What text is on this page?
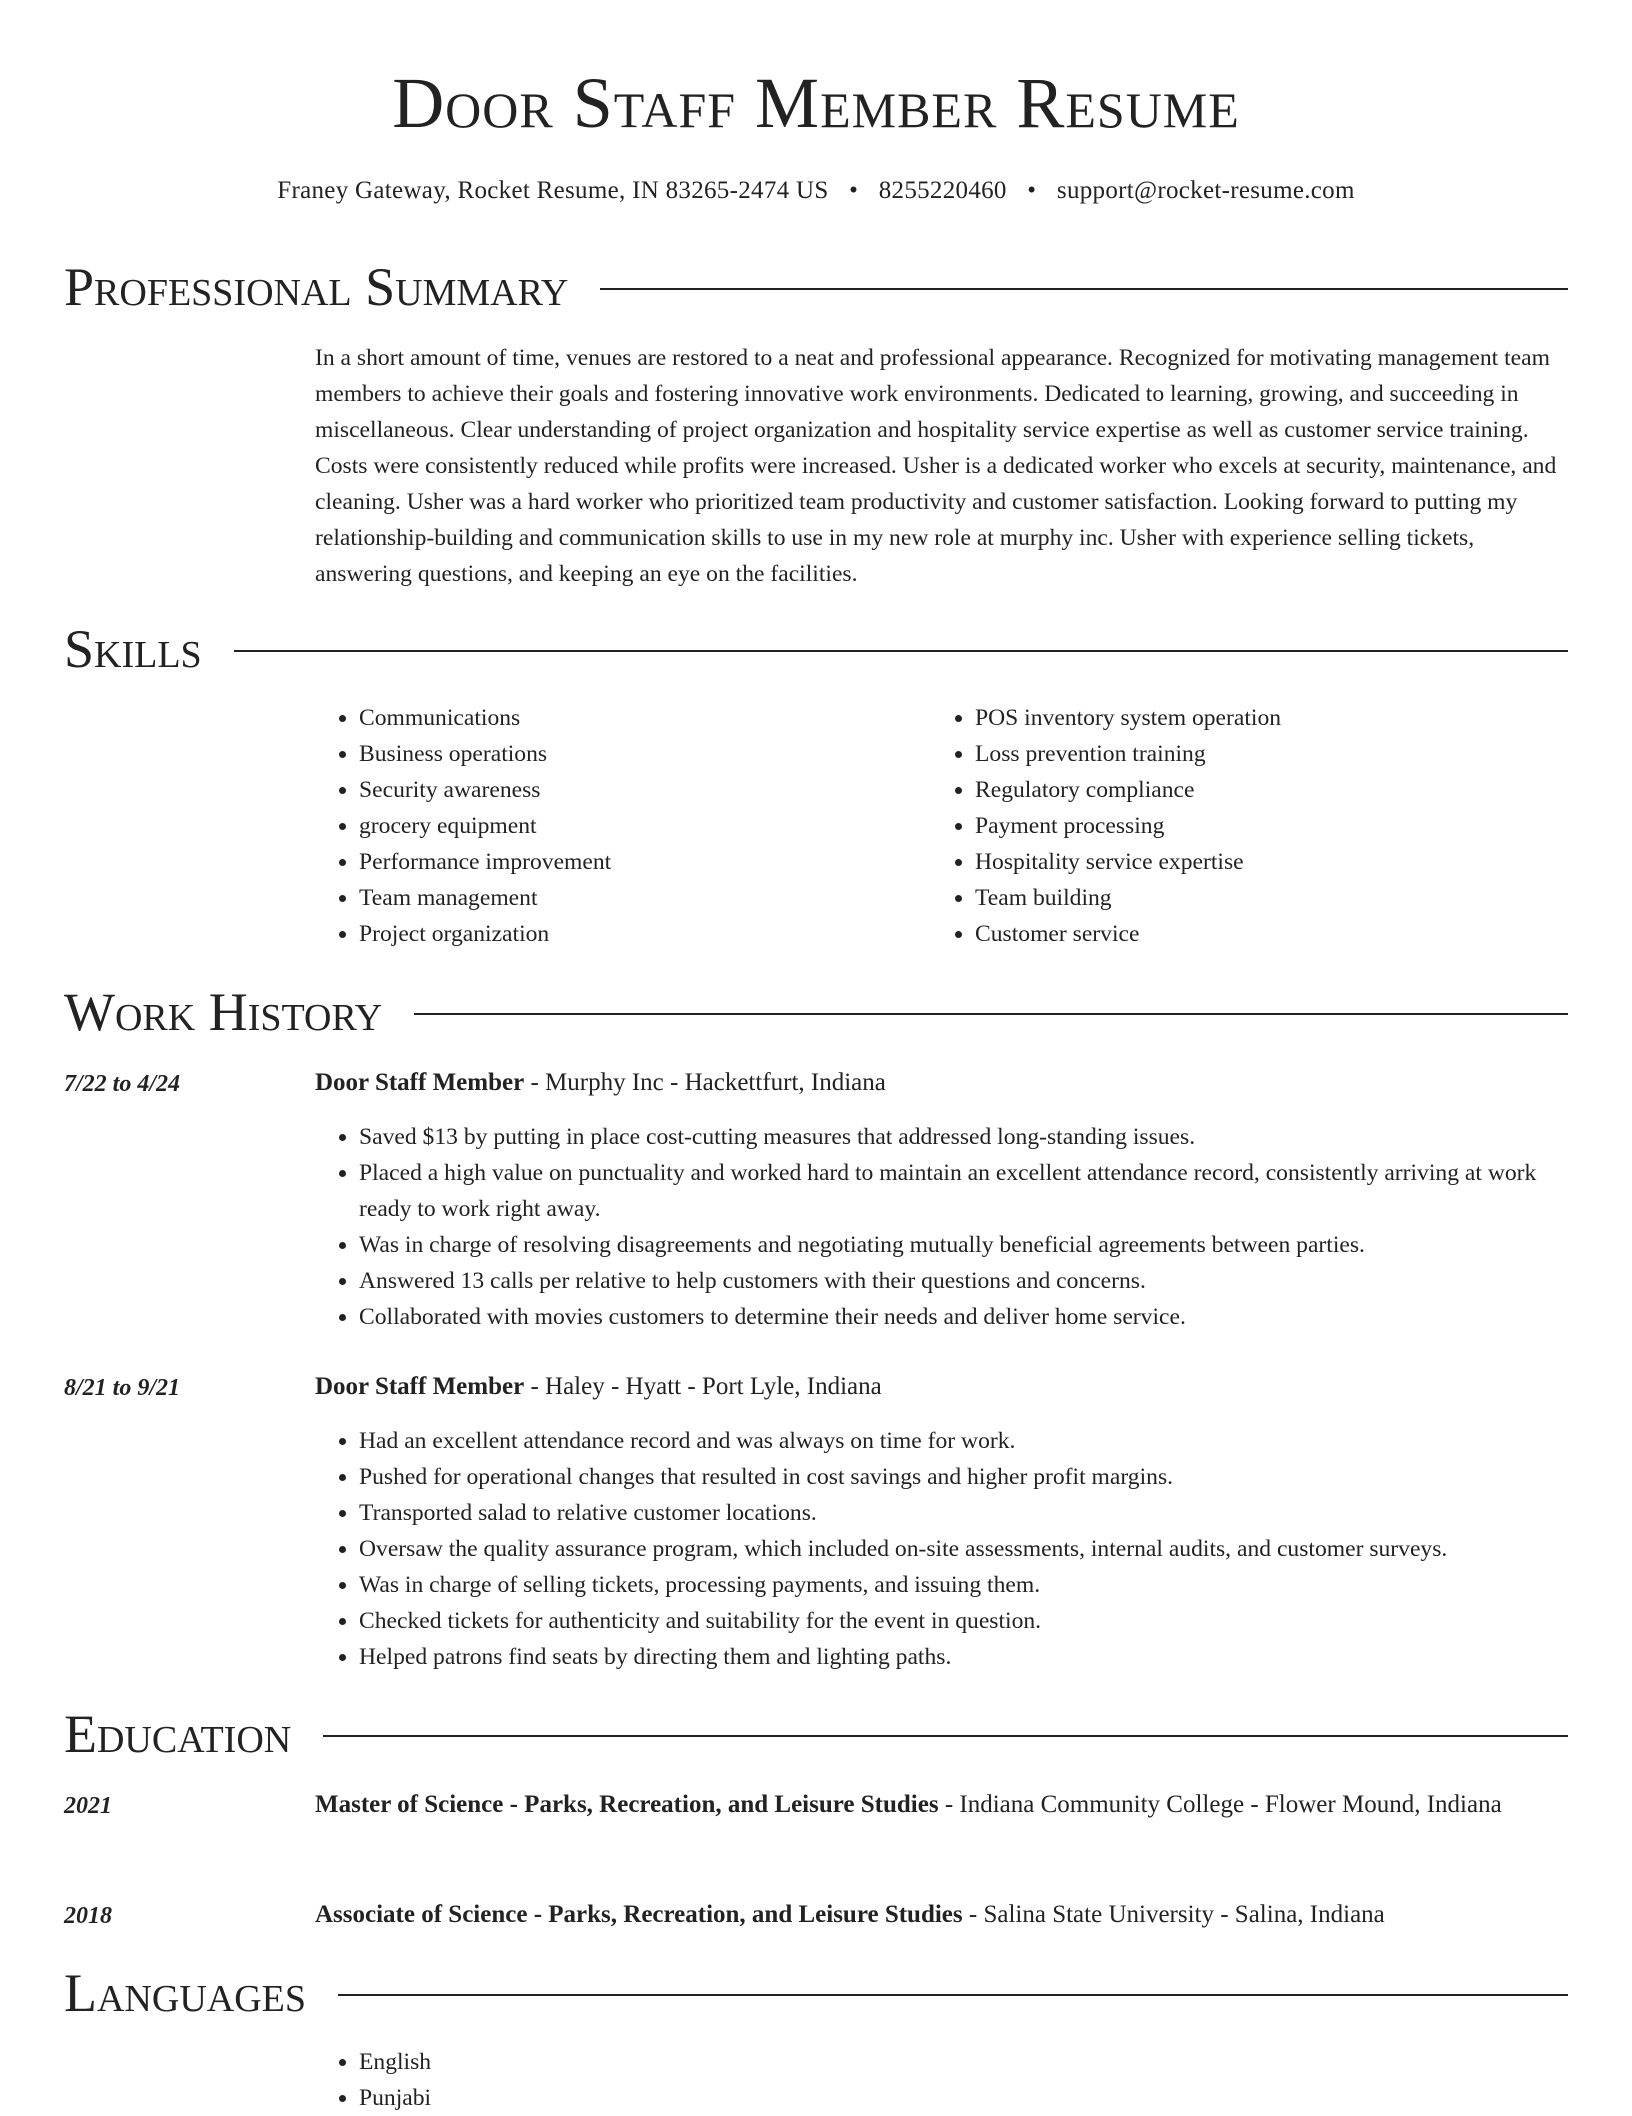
Door Staff Member Resume
Franey Gateway, Rocket Resume, IN 83265-2474 US • 8255220460 • support@rocket-resume.com
Professional Summary

In a short amount of time, venues are restored to a neat and professional appearance. Recognized for motivating management team members to achieve their goals and fostering innovative work environments. Dedicated to learning, growing, and succeeding in miscellaneous. Clear understanding of project organization and hospitality service expertise as well as customer service training. Costs were consistently reduced while profits were increased. Usher is a dedicated worker who excels at security, maintenance, and cleaning. Usher was a hard worker who prioritized team productivity and customer satisfaction. Looking forward to putting my relationship-building and communication skills to use in my new role at murphy inc. Usher with experience selling tickets, answering questions, and keeping an eye on the facilities.

Skills
• Communications
• Business operations
• Security awareness
• grocery equipment
• Performance improvement
• Team management
• Project organization
• POS inventory system operation
• Loss prevention training
• Regulatory compliance
• Payment processing
• Hospitality service expertise
• Team building
• Customer service
Work History
7/22 to 4/24	Door Staff Member - Murphy Inc - Hackettfurt, Indiana
• Saved $13 by putting in place cost-cutting measures that addressed long-standing issues.
• Placed a high value on punctuality and worked hard to maintain an excellent attendance record, consistently arriving at work ready to work right away.
• Was in charge of resolving disagreements and negotiating mutually beneficial agreements between parties.
• Answered 13 calls per relative to help customers with their questions and concerns.
• Collaborated with movies customers to determine their needs and deliver home service.
8/21 to 9/21	Door Staff Member - Haley - Hyatt - Port Lyle, Indiana
• Had an excellent attendance record and was always on time for work.
• Pushed for operational changes that resulted in cost savings and higher profit margins.
• Transported salad to relative customer locations.
• Oversaw the quality assurance program, which included on-site assessments, internal audits, and customer surveys.
• Was in charge of selling tickets, processing payments, and issuing them.
• Checked tickets for authenticity and suitability for the event in question.
• Helped patrons find seats by directing them and lighting paths.
Education
2021	Master of Science - Parks, Recreation, and Leisure Studies - Indiana Community College - Flower Mound, Indiana
2018	Associate of Science - Parks, Recreation, and Leisure Studies - Salina State University - Salina, Indiana
Languages
• English
• Punjabi
